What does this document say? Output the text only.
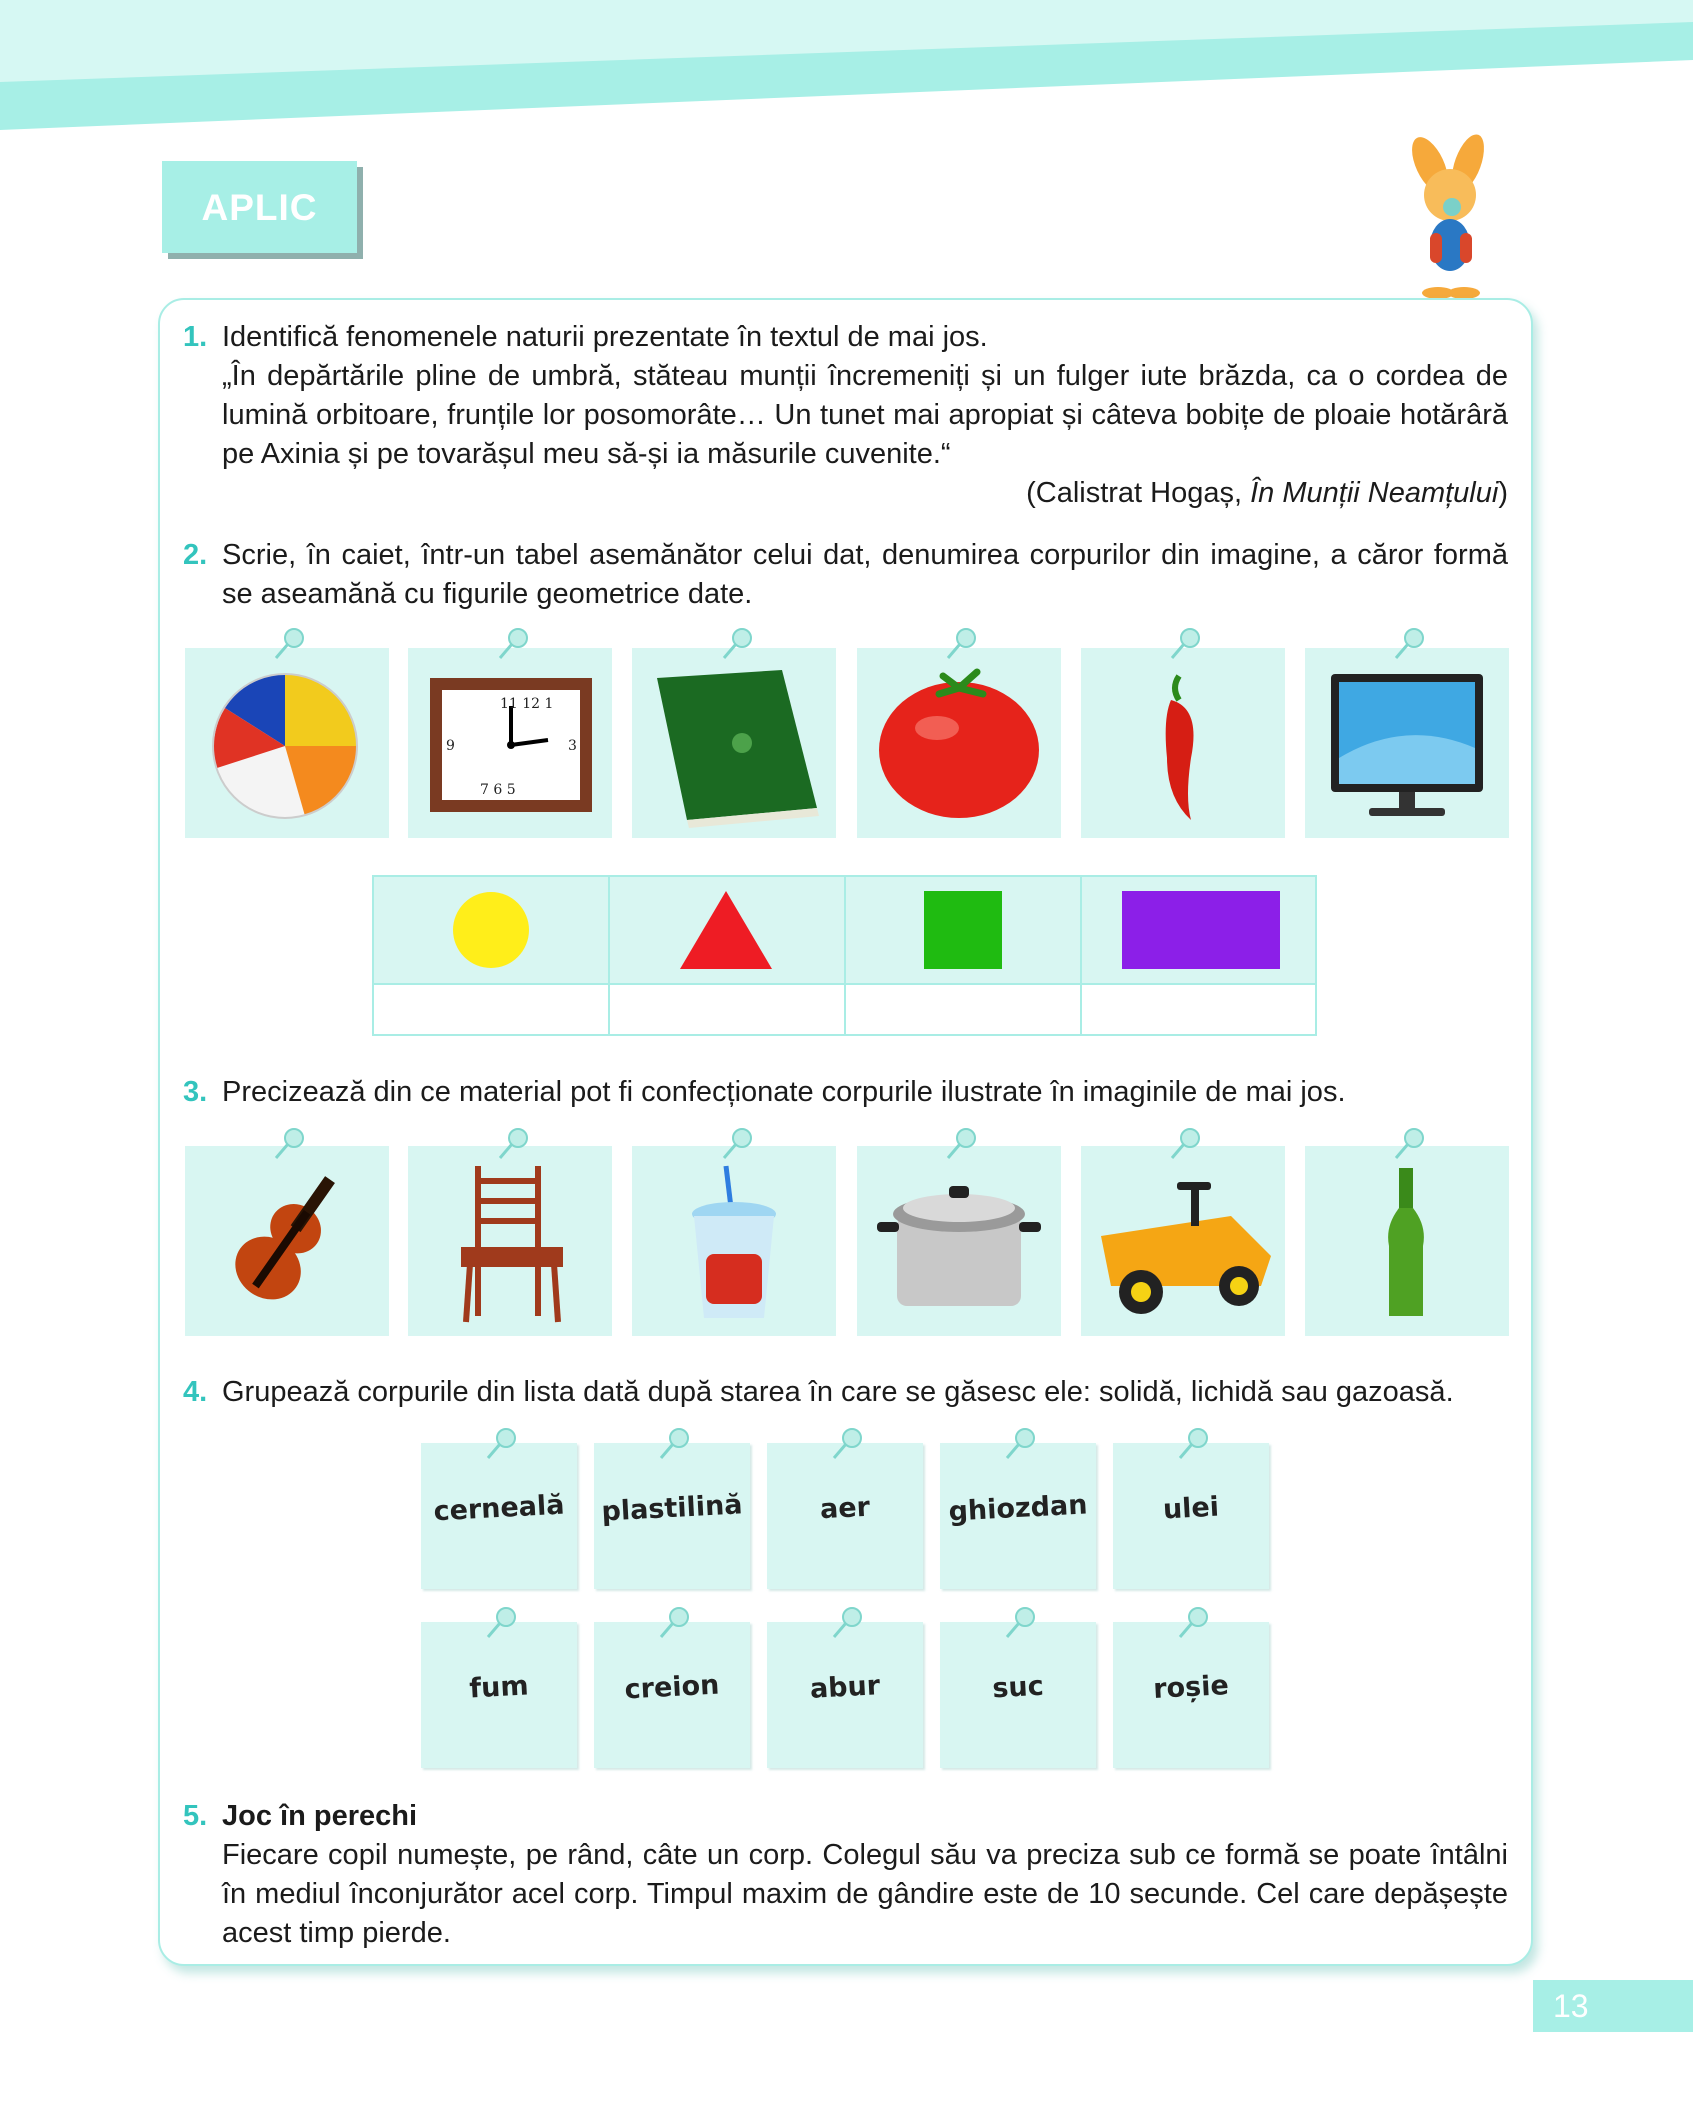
APLIC
1. Identifică fenomenele naturii prezentate în textul de mai jos.
„În depărtările pline de umbră, stăteau munții încremeniți și un fulger iute brăzda, ca o cordea de lumină orbitoare, frunțile lor posomorâte… Un tunet mai apropiat și câteva bobițe de ploaie hotărâră pe Axinia și pe tovarășul meu să-și ia măsurile cuvenite.“
(Calistrat Hogaș, În Munții Neamțului)
2. Scrie, în caiet, într-un tabel asemănător celui dat, denumirea corpurilor din imagine, a căror formă se aseamănă cu figurile geometrice date.
11 12 1
9	3
7 6 5
3. Precizează din ce material pot fi confecționate corpurile ilustrate în imaginile de mai jos.
4. Grupează corpurile din lista dată după starea în care se găsesc ele: solidă, lichidă sau gazoasă.
cerneală	plastilină	aer	ghiozdan	ulei
fum	creion	abur	suc	roșie
5. Joc în perechi
Fiecare copil numește, pe rând, câte un corp. Colegul său va preciza sub ce formă se poate întâlni în mediul înconjurător acel corp. Timpul maxim de gândire este de 10 secunde. Cel care depășește acest timp pierde.
13
